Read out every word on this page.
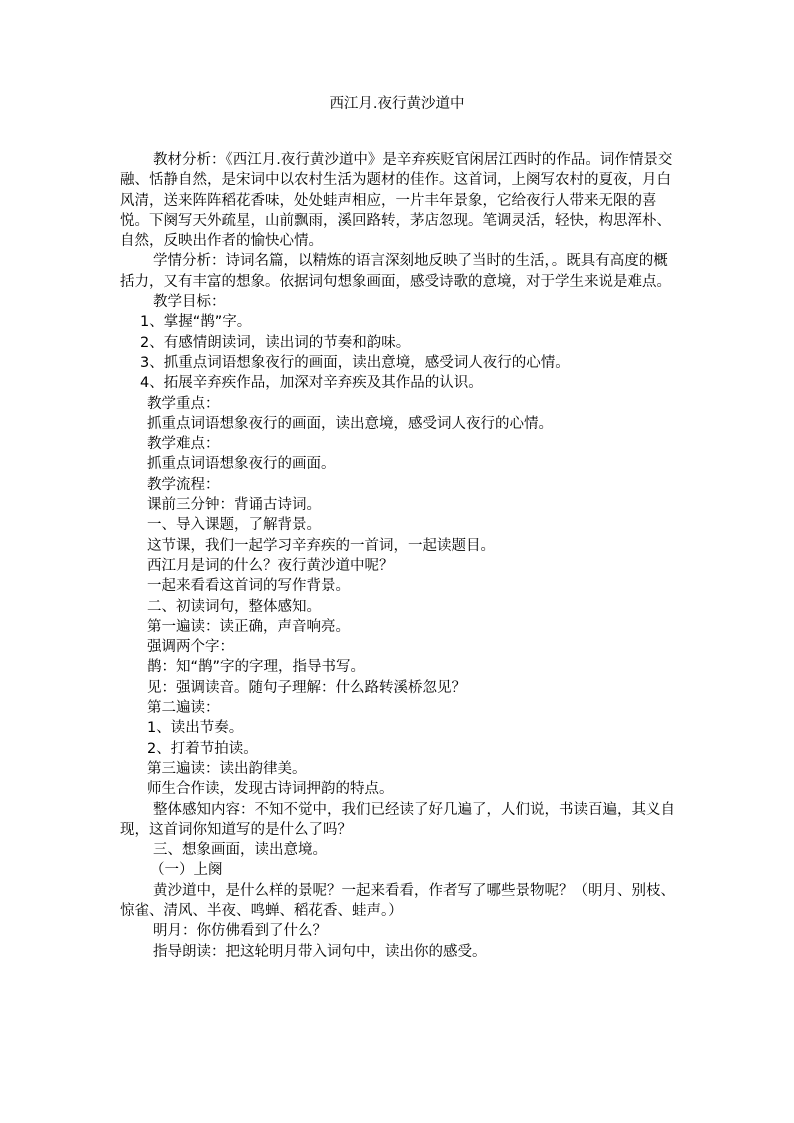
西江月.夜行黄沙道中

教材分析：《西江月.夜行黄沙道中》是辛弃疾贬官闲居江西时的作品。词作情景交融、恬静自然，是宋词中以农村生活为题材的佳作。这首词，上阕写农村的夏夜，月白风清，送来阵阵稻花香味，处处蛙声相应，一片丰年景象，它给夜行人带来无限的喜悦。下阕写天外疏星，山前飘雨，溪回路转，茅店忽现。笔调灵活，轻快，构思浑朴、自然，反映出作者的愉快心情。

学情分析：诗词名篇，以精炼的语言深刻地反映了当时的生活，。既具有高度的概括力，又有丰富的想象。依据词句想象画面，感受诗歌的意境，对于学生来说是难点。

教学目标：

1、掌握“鹊”字。

2、有感情朗读词，读出词的节奏和韵味。

3、抓重点词语想象夜行的画面，读出意境，感受词人夜行的心情。

4、拓展辛弃疾作品，加深对辛弃疾及其作品的认识。

教学重点：

抓重点词语想象夜行的画面，读出意境，感受词人夜行的心情。

教学难点：

抓重点词语想象夜行的画面。

教学流程：

课前三分钟：背诵古诗词。

一、导入课题，了解背景。

这节课，我们一起学习辛弃疾的一首词，一起读题目。

西江月是词的什么？夜行黄沙道中呢？

一起来看看这首词的写作背景。

二、初读词句，整体感知。

第一遍读：读正确，声音响亮。

强调两个字：

鹊：知“鹊”字的字理，指导书写。

见：强调读音。随句子理解：什么路转溪桥忽见？

第二遍读：

1、读出节奏。

2、打着节拍读。

第三遍读：读出韵律美。

师生合作读，发现古诗词押韵的特点。

整体感知内容：不知不觉中，我们已经读了好几遍了，人们说，书读百遍，其义自现，这首词你知道写的是什么了吗？

三、想象画面，读出意境。

（一）上阕

黄沙道中，是什么样的景呢？一起来看看，作者写了哪些景物呢？（明月、别枝、惊雀、清风、半夜、鸣蝉、稻花香、蛙声。）

明月：你仿佛看到了什么？

指导朗读：把这轮明月带入词句中，读出你的感受。
